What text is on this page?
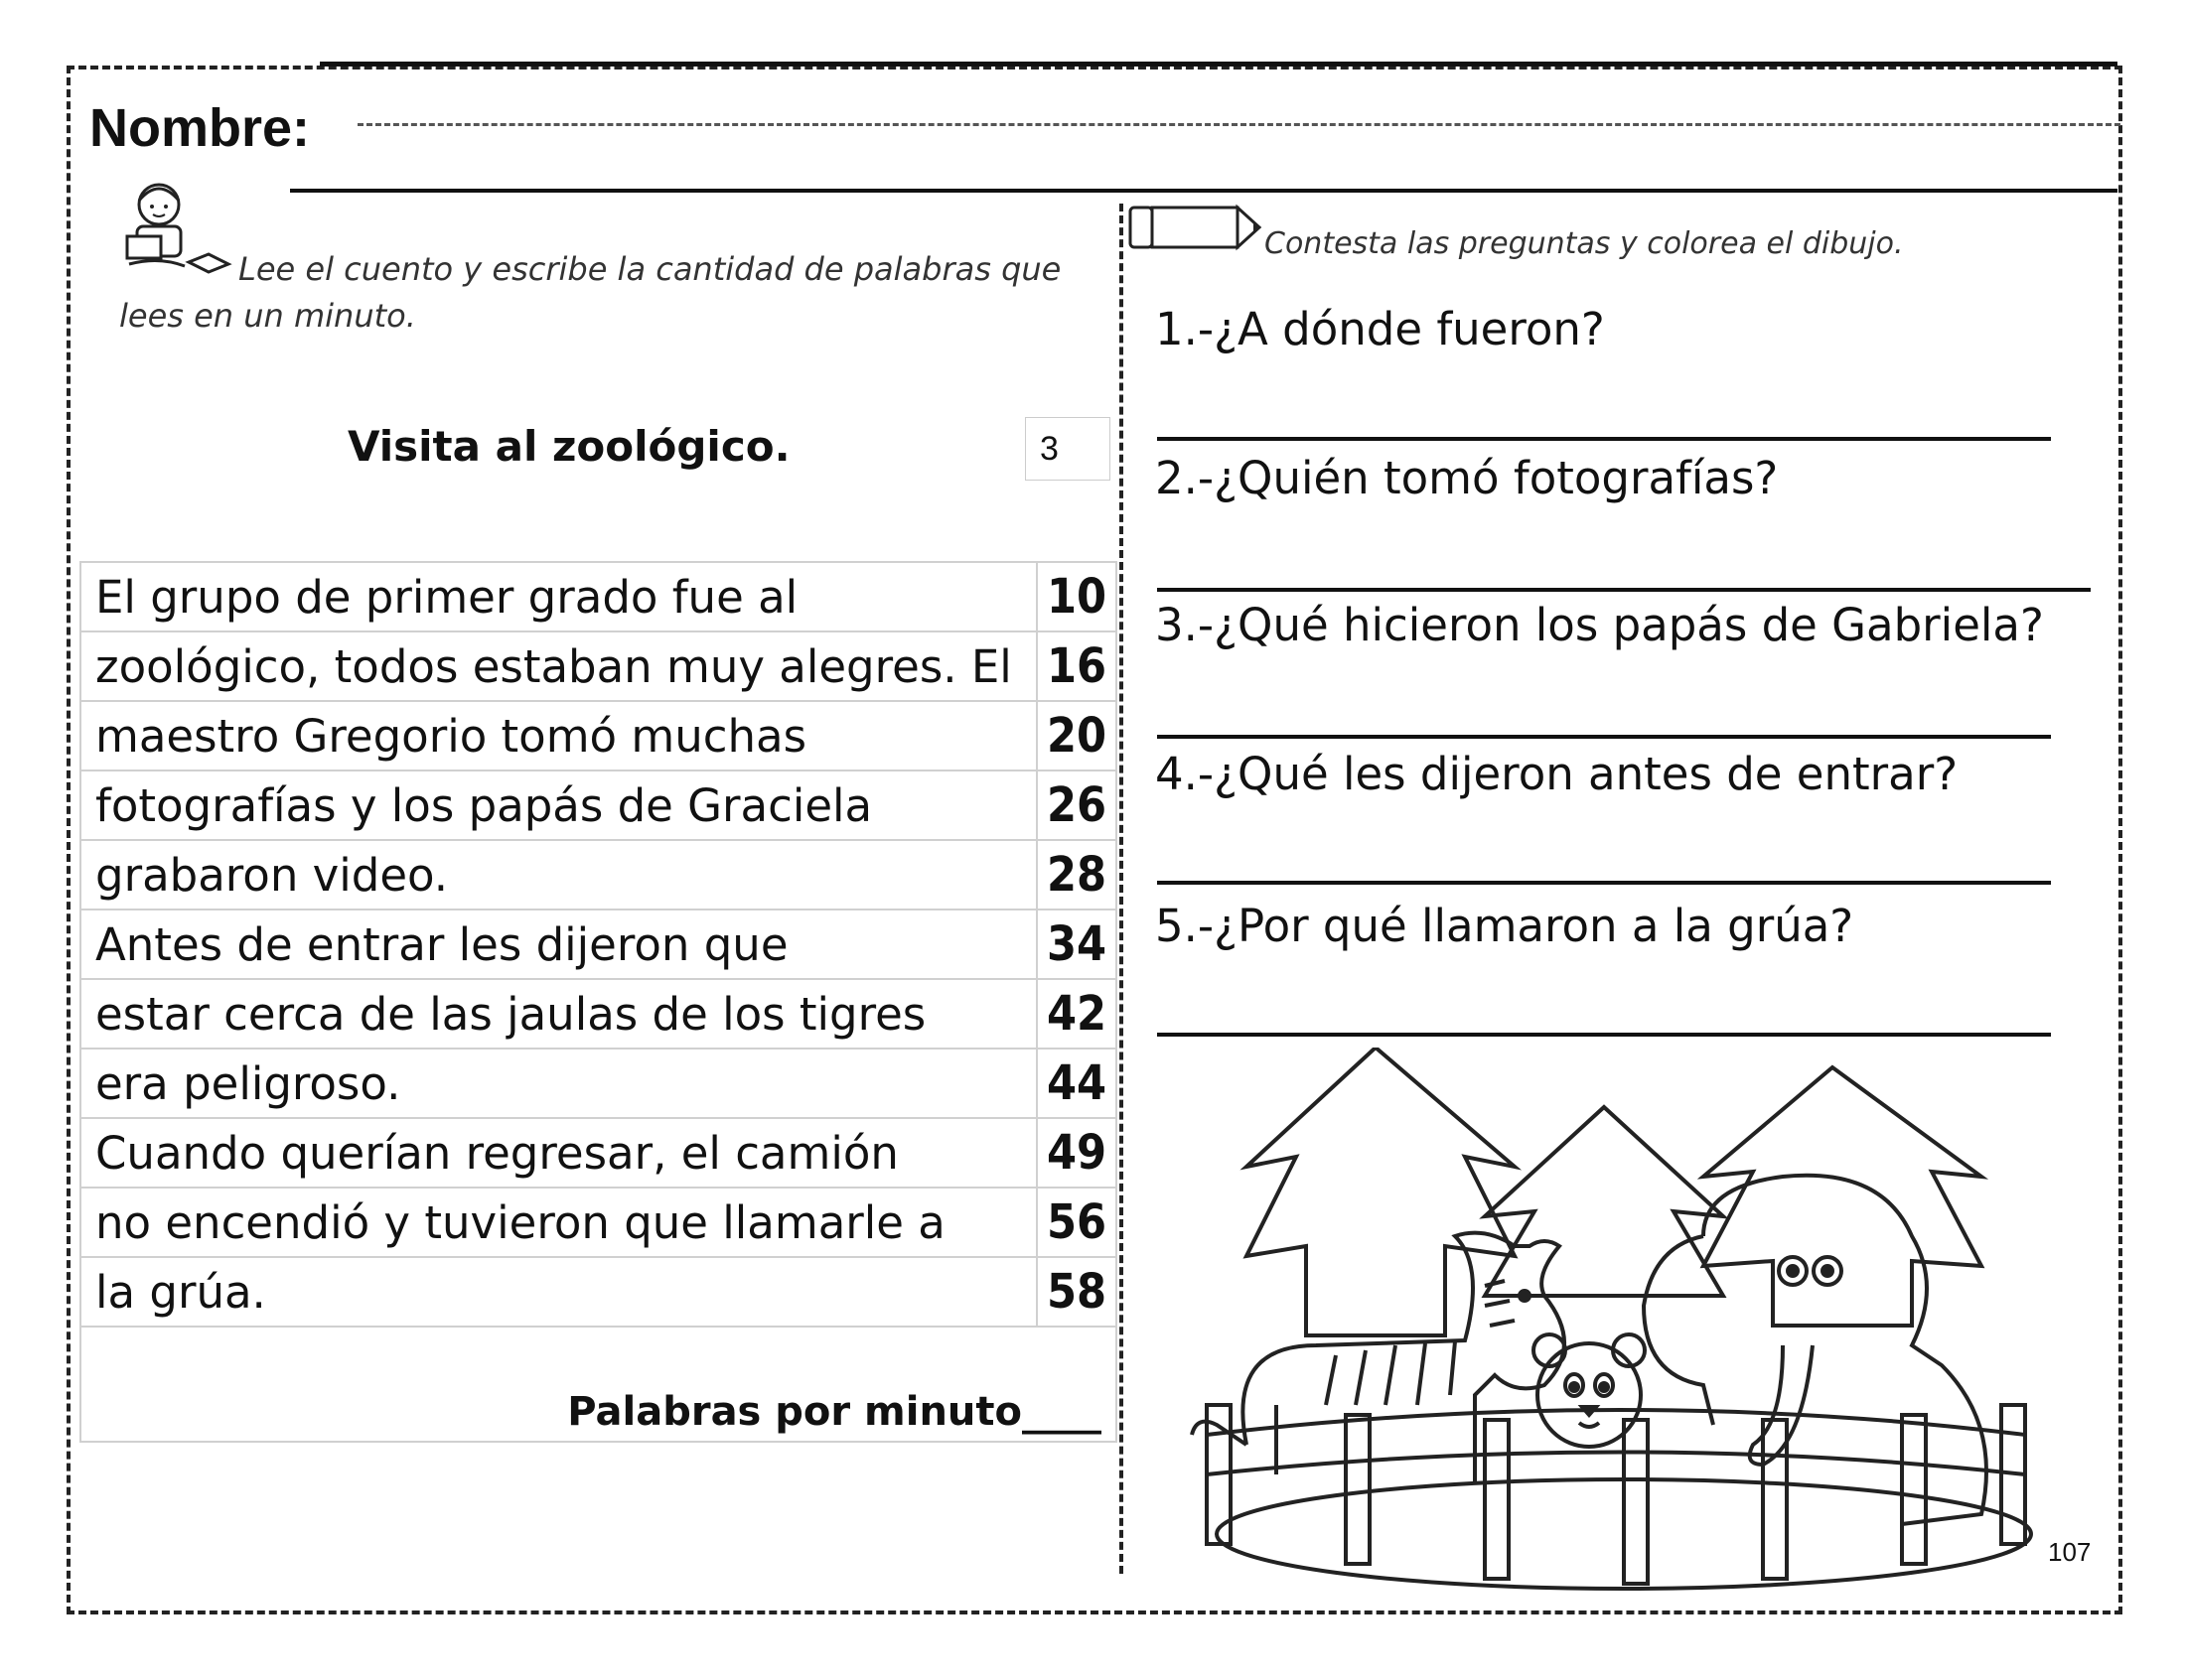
Nombre:
Lee el cuento y escribe la cantidad de palabras que lees en un minuto.
Visita al zoológico.	3
El grupo de primer grado fue al	10
zoológico, todos estaban muy alegres. El	16
maestro Gregorio tomó muchas	20
fotografías y los papás de Graciela	26
grabaron video.	28
Antes de entrar les dijeron que	34
estar cerca de las jaulas de los tigres	42
era peligroso.	44
Cuando querían regresar, el camión	49
no encendió y tuvieron que llamarle a	56
la grúa.	58
Palabras por minuto____	
Contesta las preguntas y colorea el dibujo.
1.-¿A dónde fueron?
2.-¿Quién tomó fotografías?
3.-¿Qué hicieron los papás de Gabriela?
4.-¿Qué les dijeron antes de entrar?
5.-¿Por qué llamaron a la grúa?
107
